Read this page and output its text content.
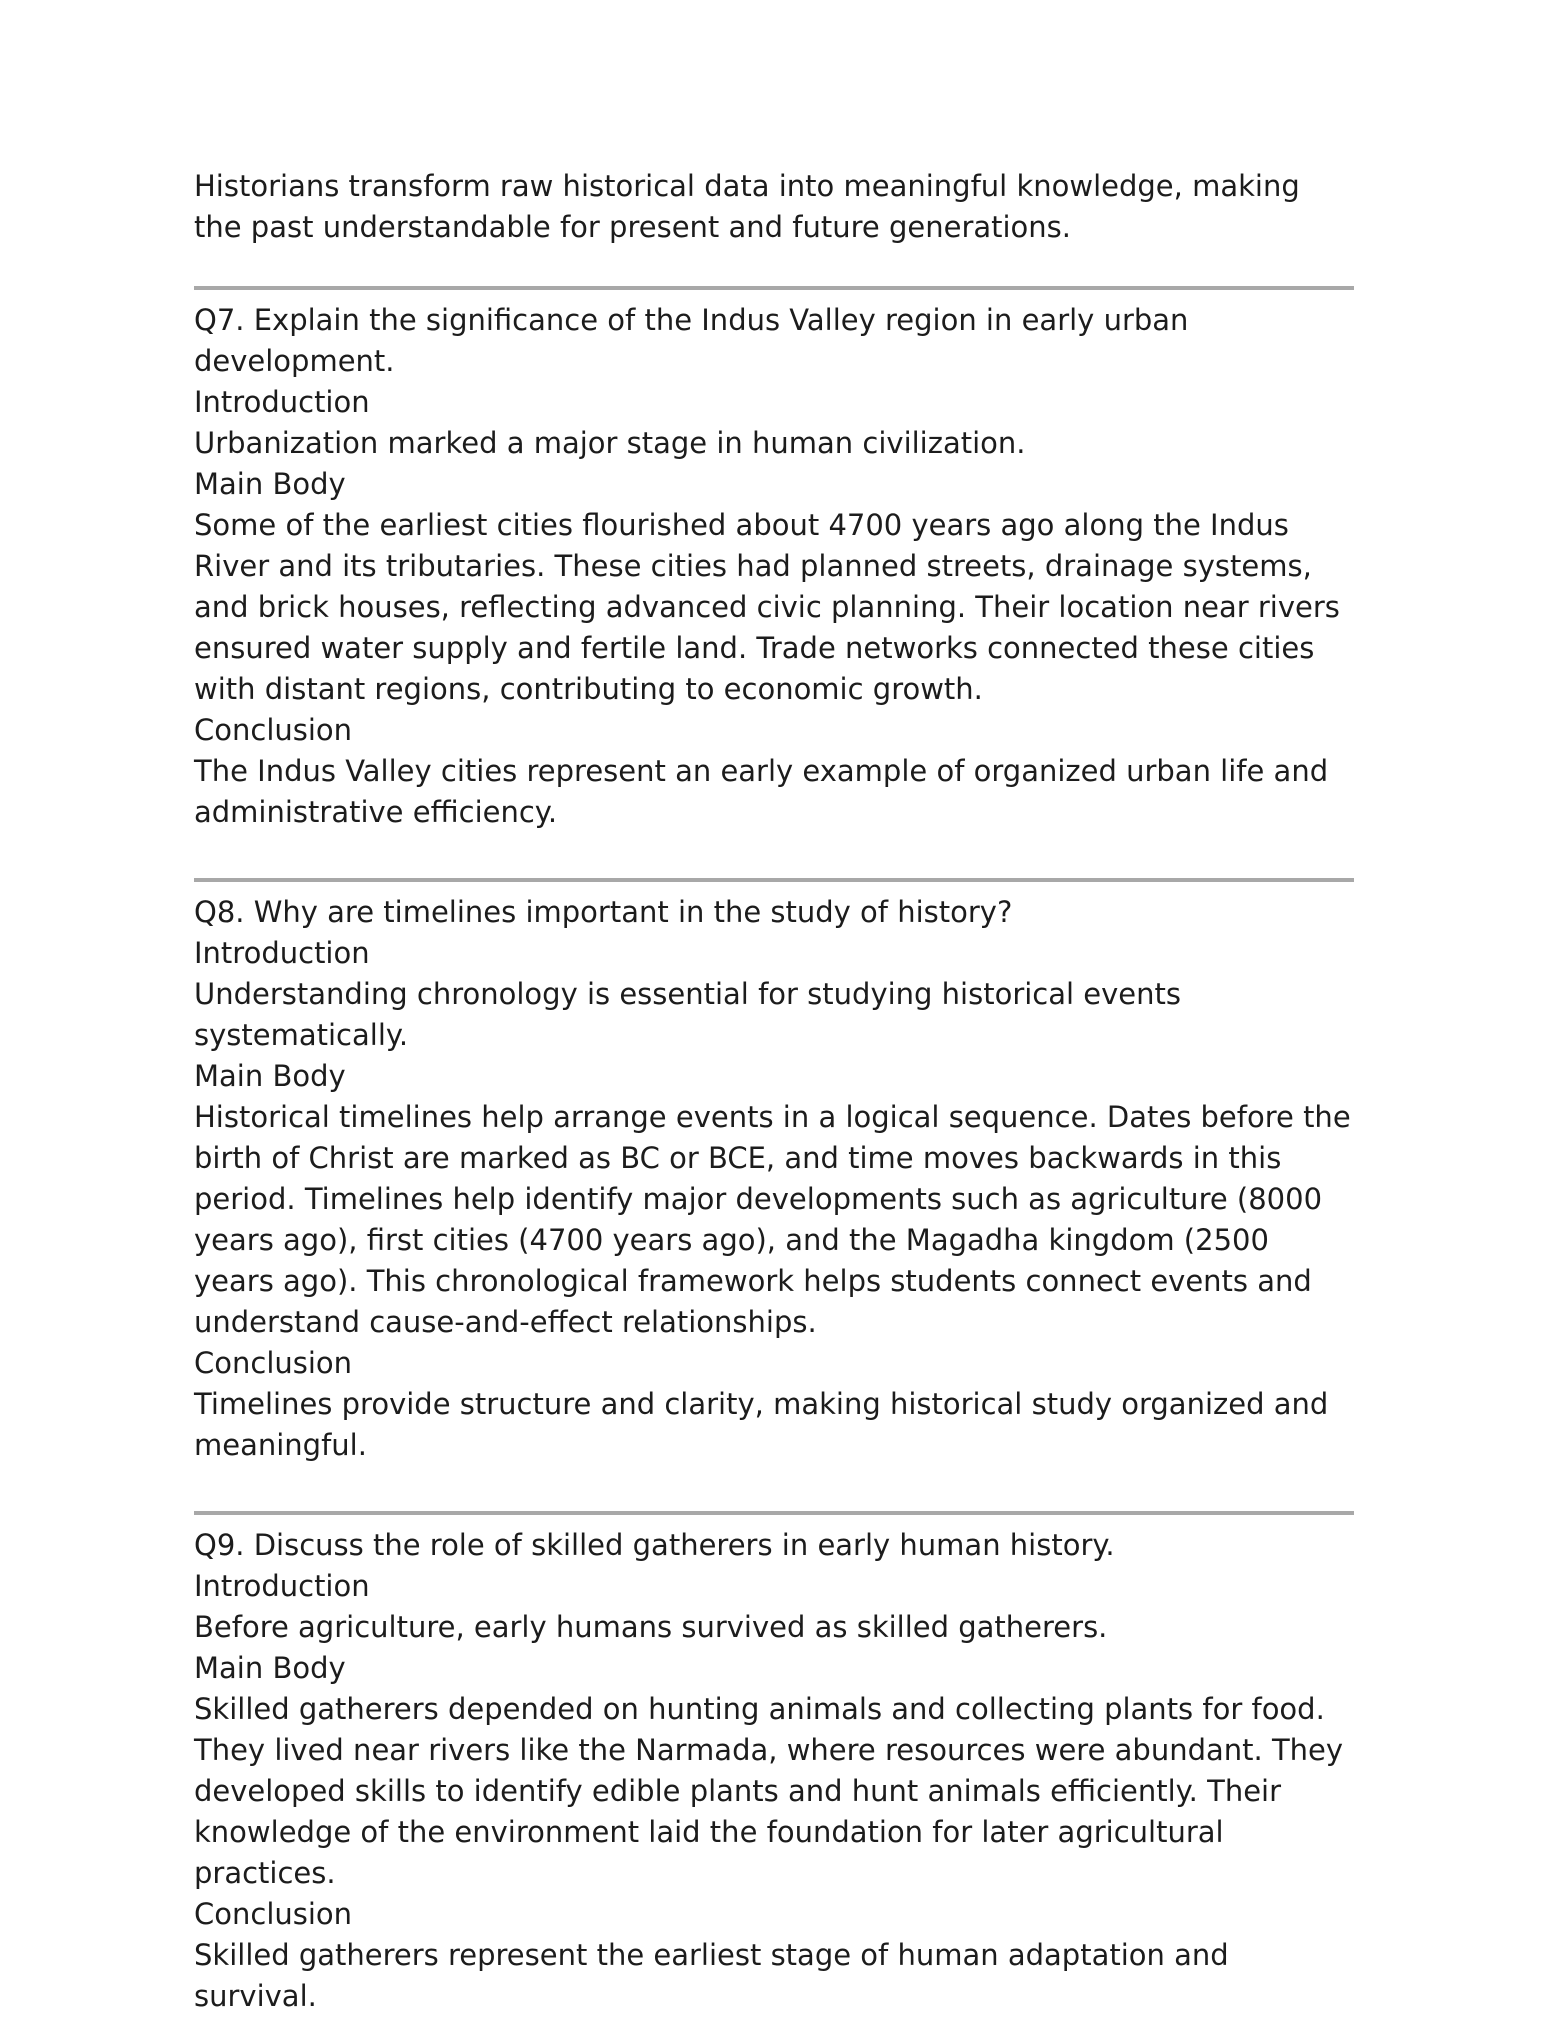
Historians transform raw historical data into meaningful knowledge, making the past understandable for present and future generations.

Q7. Explain the significance of the Indus Valley region in early urban development.

Introduction

Urbanization marked a major stage in human civilization.

Main Body

Some of the earliest cities flourished about 4700 years ago along the Indus River and its tributaries. These cities had planned streets, drainage systems, and brick houses, reflecting advanced civic planning. Their location near rivers ensured water supply and fertile land. Trade networks connected these cities with distant regions, contributing to economic growth.

Conclusion

The Indus Valley cities represent an early example of organized urban life and administrative efficiency.

Q8. Why are timelines important in the study of history?

Introduction

Understanding chronology is essential for studying historical events systematically.

Main Body

Historical timelines help arrange events in a logical sequence. Dates before the birth of Christ are marked as BC or BCE, and time moves backwards in this period. Timelines help identify major developments such as agriculture (8000 years ago), first cities (4700 years ago), and the Magadha kingdom (2500 years ago). This chronological framework helps students connect events and understand cause-and-effect relationships.

Conclusion

Timelines provide structure and clarity, making historical study organized and meaningful.

Q9. Discuss the role of skilled gatherers in early human history.

Introduction

Before agriculture, early humans survived as skilled gatherers.

Main Body

Skilled gatherers depended on hunting animals and collecting plants for food. They lived near rivers like the Narmada, where resources were abundant. They developed skills to identify edible plants and hunt animals efficiently. Their knowledge of the environment laid the foundation for later agricultural practices.

Conclusion

Skilled gatherers represent the earliest stage of human adaptation and survival.
